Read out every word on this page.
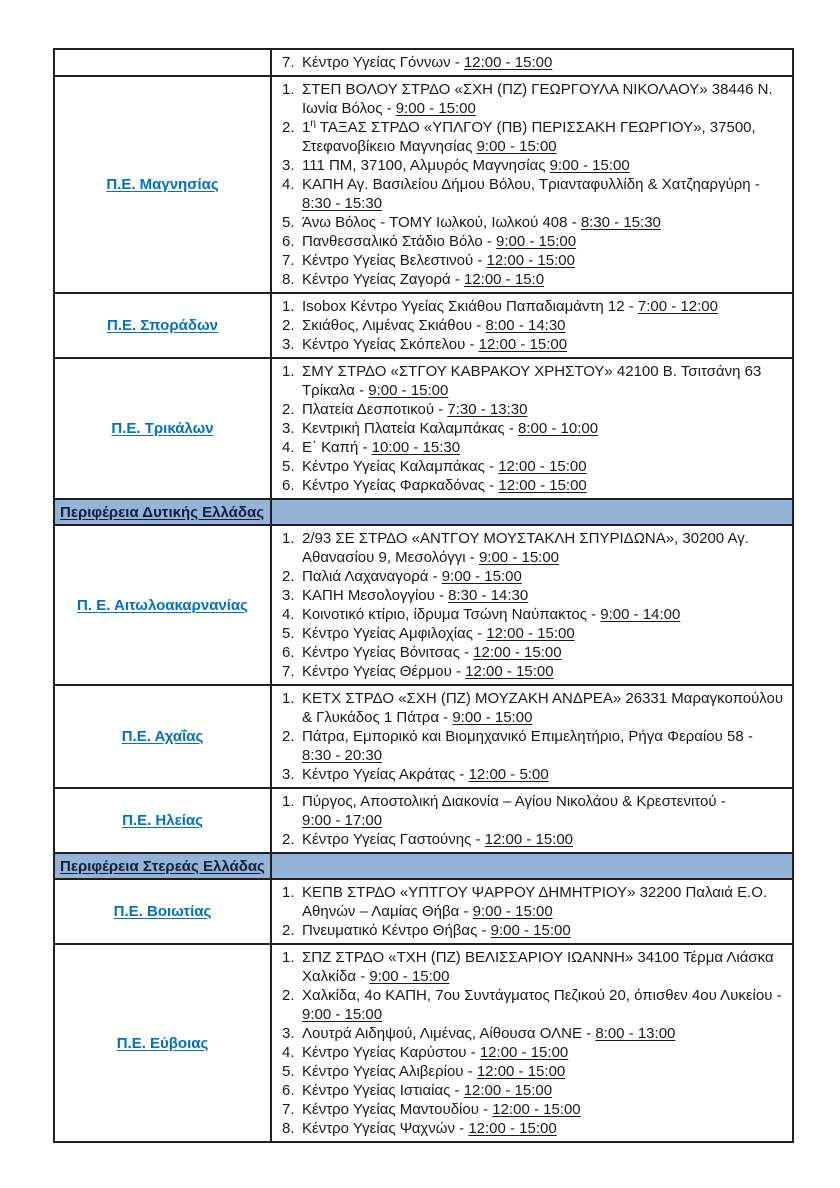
	7. Κέντρο Υγείας Γόννων - 12:00 - 15:00

Π.Ε. Μαγνησίας	
1. ΣΤΕΠ ΒΟΛΟΥ ΣΤΡΔΟ «ΣΧΗ (ΠΖ) ΓΕΩΡΓΟΥΛΑ ΝΙΚΟΛΑΟΥ» 38446 Ν. Ιωνία Βόλος - 9:00 - 15:00
2. $1^\eta$ ΤΑΞΑΣ ΣΤΡΔΟ «ΥΠΛΓΟΥ (ΠΒ) ΠΕΡΙΣΣΑΚΗ ΓΕΩΡΓΙΟΥ», 37500, Στεφανοβίκειο Μαγνησίας 9:00 - 15:00
3. 111 ΠΜ, 37100, Αλμυρός Μαγνησίας 9:00 - 15:00
4. ΚΑΠΗ Αγ. Βασιλείου Δήμου Βόλου, Τριανταφυλλίδη & Χατζηαργύρη - 8:30 - 15:30
5. Άνω Βόλος - ΤΟΜΥ Ιωλκού, Ιωλκού 408 - 8:30 - 15:30
6. Πανθεσσαλικό Στάδιο Βόλο - 9:00 - 15:00
7. Κέντρο Υγείας Βελεστινού - 12:00 - 15:00
8. Κέντρο Υγείας Ζαγορά - 12:00 - 15:0

Π.Ε. Σποράδων	
1. Isobox Κέντρο Υγείας Σκιάθου Παπαδιαμάντη 12 - 7:00 - 12:00
2. Σκιάθος, Λιμένας Σκιάθου - 8:00 - 14:30
3. Κέντρο Υγείας Σκόπελου - 12:00 - 15:00

Π.Ε. Τρικάλων	
1. ΣΜΥ ΣΤΡΔΟ «ΣΤΓΟΥ ΚΑΒΡΑΚΟΥ ΧΡΗΣΤΟΥ» 42100 Β. Τσιτσάνη 63 Τρίκαλα - 9:00 - 15:00
2. Πλατεία Δεσποτικού - 7:30 - 13:30
3. Κεντρική Πλατεία Καλαμπάκας - 8:00 - 10:00
4. Ε΄ Καπή - 10:00 - 15:30
5. Κέντρο Υγείας Καλαμπάκας - 12:00 - 15:00
6. Κέντρο Υγείας Φαρκαδόνας - 12:00 - 15:00

Περιφέρεια Δυτικής Ελλάδας	
Π. Ε. Αιτωλοακαρνανίας	
1. 2/93 ΣΕ ΣΤΡΔΟ «ΑΝΤΓΟΥ ΜΟΥΣΤΑΚΛΗ ΣΠΥΡΙΔΩΝΑ», 30200 Αγ. Αθανασίου 9, Μεσολόγγι - 9:00 - 15:00
2. Παλιά Λαχαναγορά - 9:00 - 15:00
3. ΚΑΠΗ Μεσολογγίου - 8:30 - 14:30
4. Κοινοτικό κτίριο, ίδρυμα Τσώνη Ναύπακτος - 9:00 - 14:00
5. Κέντρο Υγείας Αμφιλοχίας - 12:00 - 15:00
6. Κέντρο Υγείας Βόνιτσας - 12:00 - 15:00
7. Κέντρο Υγείας Θέρμου - 12:00 - 15:00

Π.Ε. Αχαΐας	
1. ΚΕΤΧ ΣΤΡΔΟ «ΣΧΗ (ΠΖ) ΜΟΥΖΑΚΗ ΑΝΔΡΕΑ» 26331 Μαραγκοπούλου & Γλυκάδος 1 Πάτρα - 9:00 - 15:00
2. Πάτρα, Εμπορικό και Βιομηχανικό Επιμελητήριο, Ρήγα Φεραίου 58 - 8:30 - 20:30
3. Κέντρο Υγείας Ακράτας - 12:00 - 5:00

Π.Ε. Ηλείας	1. Πύργος, Αποστολική Διακονία – Αγίου Νικολάου & Κρεστενιτού - 9:00 - 17:00
2. Κέντρο Υγείας Γαστούνης - 12:00 - 15:00

Περιφέρεια Στερεάς Ελλάδας	
Π.Ε. Βοιωτίας	1. ΚΕΠΒ ΣΤΡΔΟ «ΥΠΤΓΟΥ ΨΑΡΡΟΥ ΔΗΜΗΤΡΙΟΥ» 32200 Παλαιά Ε.Ο. Αθηνών – Λαμίας Θήβα - 9:00 - 15:00
2. Πνευματικό Κέντρο Θήβας - 9:00 - 15:00

Π.Ε. Εύβοιας	
1. ΣΠΖ ΣΤΡΔΟ «ΤΧΗ (ΠΖ) ΒΕΛΙΣΣΑΡΙΟΥ ΙΩΑΝΝΗ» 34100 Τέρμα Λιάσκα Χαλκίδα - 9:00 - 15:00
2. Χαλκίδα, 4ο ΚΑΠΗ, 7ου Συντάγματος Πεζικού 20, όπισθεν 4ου Λυκείου - 9:00 - 15:00
3. Λουτρά Αιδηψού, Λιμένας, Αίθουσα ΟΛΝΕ - 8:00 - 13:00
4. Κέντρο Υγείας Καρύστου - 12:00 - 15:00
5. Κέντρο Υγείας Αλιβερίου - 12:00 - 15:00
6. Κέντρο Υγείας Ιστιαίας - 12:00 - 15:00
7. Κέντρο Υγείας Μαντουδίου - 12:00 - 15:00
8. Κέντρο Υγείας Ψαχνών - 12:00 - 15:00
